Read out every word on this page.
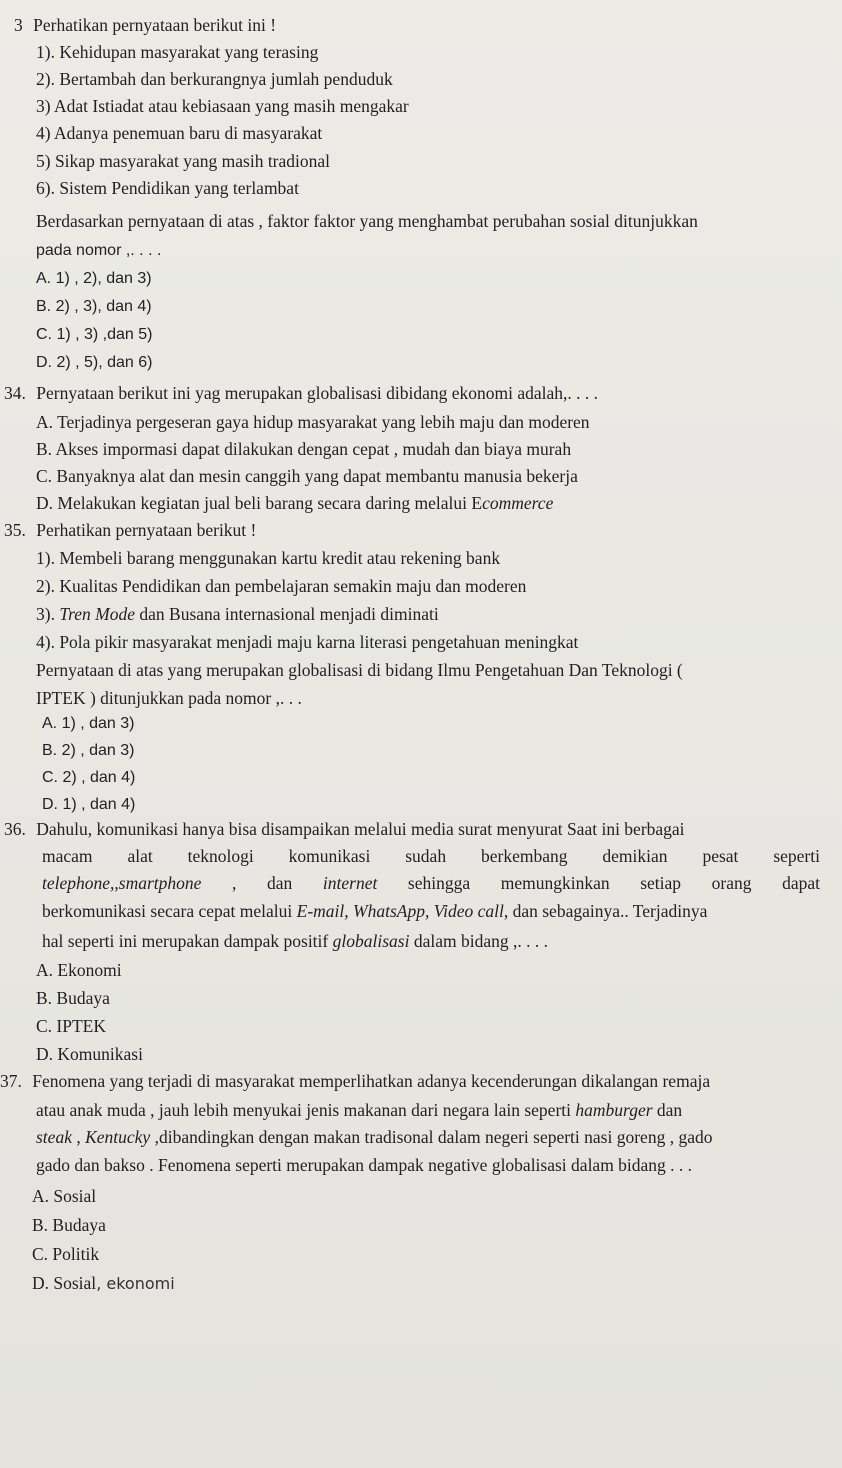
3 Perhatikan pernyataan berikut ini !
1). Kehidupan masyarakat yang terasing
2). Bertambah dan berkurangnya jumlah penduduk
3) Adat Istiadat atau kebiasaan yang masih mengakar
4) Adanya penemuan baru di masyarakat
5) Sikap masyarakat yang masih tradional
6). Sistem Pendidikan yang terlambat
Berdasarkan pernyataan di atas , faktor faktor yang menghambat perubahan sosial ditunjukkan
pada nomor ,. . . .
A. 1) , 2), dan 3)
B. 2) , 3), dan 4)
C. 1) , 3) ,dan 5)
D. 2) , 5), dan 6)
34. Pernyataan berikut ini yag merupakan globalisasi dibidang ekonomi adalah,. . . .
A. Terjadinya pergeseran gaya hidup masyarakat yang lebih maju dan moderen
B. Akses impormasi dapat dilakukan dengan cepat , mudah dan biaya murah
C. Banyaknya alat dan mesin canggih yang dapat membantu manusia bekerja
D. Melakukan kegiatan jual beli barang secara daring melalui Ecommerce
35. Perhatikan pernyataan berikut !
1). Membeli barang menggunakan kartu kredit atau rekening bank
2). Kualitas Pendidikan dan pembelajaran semakin maju dan moderen
3). Tren Mode dan Busana internasional menjadi diminati
4). Pola pikir masyarakat menjadi maju karna literasi pengetahuan meningkat
Pernyataan di atas yang merupakan globalisasi di bidang Ilmu Pengetahuan Dan Teknologi (
IPTEK ) ditunjukkan pada nomor ,. . .
A. 1) , dan 3)
B. 2) , dan 3)
C. 2) , dan 4)
D. 1) , dan 4)
36. Dahulu, komunikasi hanya bisa disampaikan melalui media surat menyurat Saat ini berbagai
macam alat teknologi komunikasi sudah berkembang demikian pesat seperti
telephone,,smartphone , dan internet sehingga memungkinkan setiap orang dapat
berkomunikasi secara cepat melalui E-mail, WhatsApp, Video call, dan sebagainya.. Terjadinya
hal seperti ini merupakan dampak positif globalisasi dalam bidang ,. . . .
A. Ekonomi
B. Budaya
C. IPTEK
D. Komunikasi
37. Fenomena yang terjadi di masyarakat memperlihatkan adanya kecenderungan dikalangan remaja
atau anak muda , jauh lebih menyukai jenis makanan dari negara lain seperti hamburger dan
steak , Kentucky ,dibandingkan dengan makan tradisonal dalam negeri seperti nasi goreng , gado
gado dan bakso . Fenomena seperti merupakan dampak negative globalisasi dalam bidang . . .
A. Sosial
B. Budaya
C. Politik
D. Sosial, ekonomi
